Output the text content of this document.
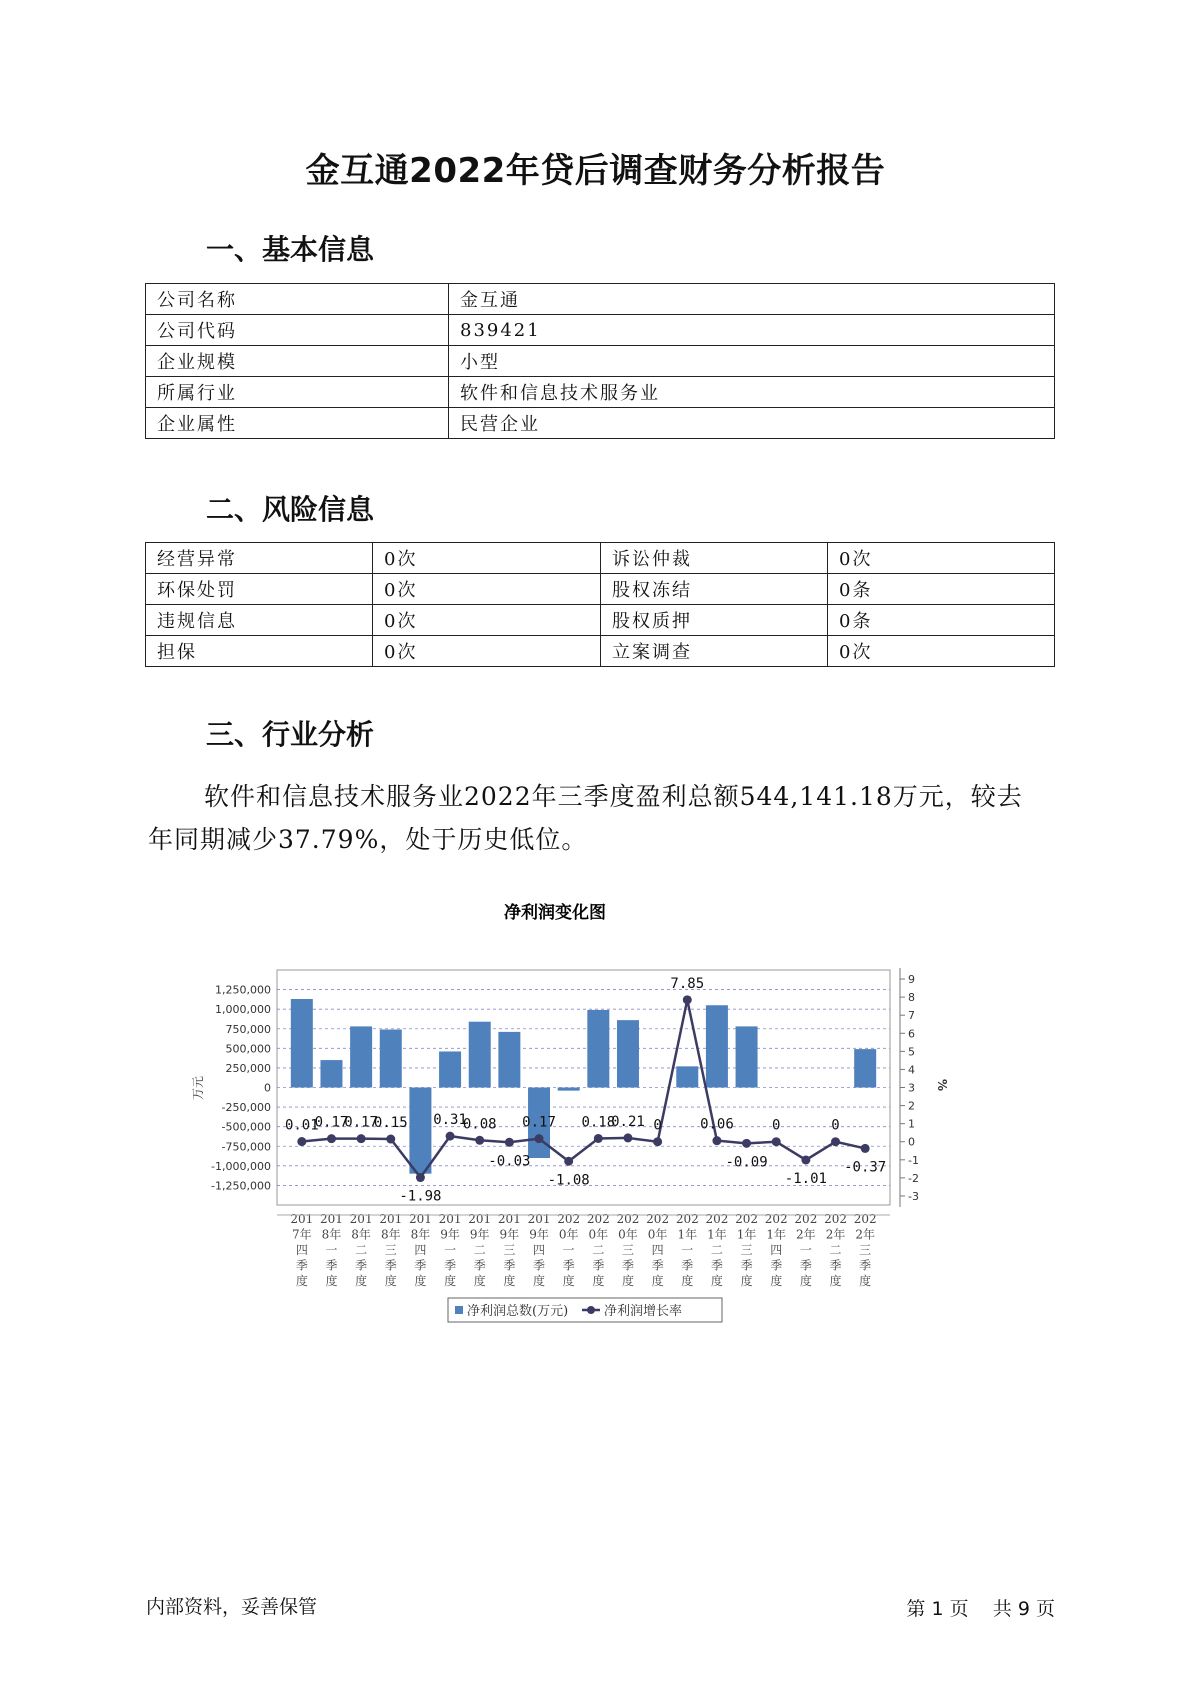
金互通2022年贷后调查财务分析报告
一、基本信息
公司名称	金互通
公司代码	839421
企业规模	小型
所属行业	软件和信息技术服务业
企业属性	民营企业
二、风险信息
经营异常	0次	诉讼仲裁	0次
环保处罚	0次	股权冻结	0条
违规信息	0次	股权质押	0条
担保	0次	立案调查	0次
三、行业分析
软件和信息技术服务业2022年三季度盈利总额544,141.18万元，较去年同期减少37.79%，处于历史低位。
净利润变化图
1,250,000
1,000,000
750,000
500,000
250,000
0
-250,000
-500,000
-750,000
-1,000,000
-1,250,000
9
8
7
6
5
4
3
2
1
0
-1
-2
-3
万元	%
0.01
0.17
0.17
0.15
-1.98
0.31
0.08
-0.03
0.17
-1.08
0.18
0.21 0
7.85
0.06
-0.09
0
-1.01
0
-0.37
201
7年
四
季
度
201
8年
一
季
度
201
8年
二
季
度
201
8年
三
季
度
201
8年
四
季
度
201
9年
一
季
度
201
9年
二
季
度
201
9年
三
季
度
201
9年
四
季
度
202
0年
一
季
度
202
0年
二
季
度
202
0年
三
季
度
202
0年
四
季
度
202
1年
一
季
度
202
1年
二
季
度
202
1年
三
季
度
202
1年
四
季
度
202
2年
一
季
度
202
2年
二
季
度
202
2年
三
季
度
净利润总数(万元)	净利润增长率
内部资料，妥善保管	第 1 页 共 9 页
